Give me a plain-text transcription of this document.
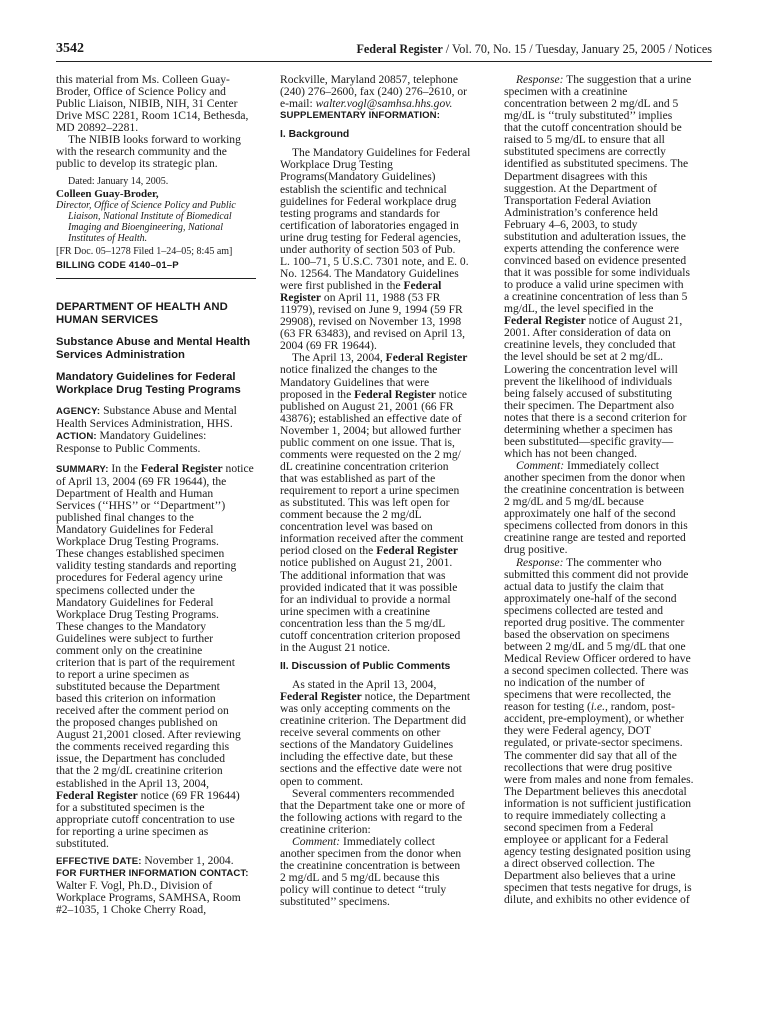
3542	Federal Register / Vol. 70, No. 15 / Tuesday, January 25, 2005 / Notices
this material from Ms. Colleen Guay-
Broder, Office of Science Policy and
Public Liaison, NIBIB, NIH, 31 Center
Drive MSC 2281, Room 1C14, Bethesda,
MD 20892–2281.
The NIBIB looks forward to working
with the research community and the
public to develop its strategic plan.
Dated: January 14, 2005.
Colleen Guay-Broder,
Director, Office of Science Policy and Public
Liaison, National Institute of Biomedical
Imaging and Bioengineering, National
Institutes of Health.
[FR Doc. 05–1278 Filed 1–24–05; 8:45 am]
BILLING CODE 4140–01–P
DEPARTMENT OF HEALTH AND
HUMAN SERVICES
Substance Abuse and Mental Health
Services Administration
Mandatory Guidelines for Federal
Workplace Drug Testing Programs
AGENCY: Substance Abuse and Mental
Health Services Administration, HHS.
ACTION: Mandatory Guidelines:
Response to Public Comments.
SUMMARY: In the Federal Register notice
of April 13, 2004 (69 FR 19644), the
Department of Health and Human
Services (‘‘HHS’’ or ‘‘Department’’)
published final changes to the
Mandatory Guidelines for Federal
Workplace Drug Testing Programs.
These changes established specimen
validity testing standards and reporting
procedures for Federal agency urine
specimens collected under the
Mandatory Guidelines for Federal
Workplace Drug Testing Programs.
These changes to the Mandatory
Guidelines were subject to further
comment only on the creatinine
criterion that is part of the requirement
to report a urine specimen as
substituted because the Department
based this criterion on information
received after the comment period on
the proposed changes published on
August 21,2001 closed. After reviewing
the comments received regarding this
issue, the Department has concluded
that the 2 mg/dL creatinine criterion
established in the April 13, 2004,
Federal Register notice (69 FR 19644)
for a substituted specimen is the
appropriate cutoff concentration to use
for reporting a urine specimen as
substituted.
EFFECTIVE DATE: November 1, 2004.
FOR FURTHER INFORMATION CONTACT:
Walter F. Vogl, Ph.D., Division of
Workplace Programs, SAMHSA, Room
#2–1035, 1 Choke Cherry Road,
Rockville, Maryland 20857, telephone
(240) 276–2600, fax (240) 276–2610, or
e-mail: walter.vogl@samhsa.hhs.gov.
SUPPLEMENTARY INFORMATION:
I. Background
The Mandatory Guidelines for Federal
Workplace Drug Testing
Programs(Mandatory Guidelines)
establish the scientific and technical
guidelines for Federal workplace drug
testing programs and standards for
certification of laboratories engaged in
urine drug testing for Federal agencies,
under authority of section 503 of Pub.
L. 100–71, 5 U.S.C. 7301 note, and E. 0.
No. 12564. The Mandatory Guidelines
were first published in the Federal
Register on April 11, 1988 (53 FR
11979), revised on June 9, 1994 (59 FR
29908), revised on November 13, 1998
(63 FR 63483), and revised on April 13,
2004 (69 FR 19644).
The April 13, 2004, Federal Register
notice finalized the changes to the
Mandatory Guidelines that were
proposed in the Federal Register notice
published on August 21, 2001 (66 FR
43876); established an effective date of
November 1, 2004; but allowed further
public comment on one issue. That is,
comments were requested on the 2 mg/
dL creatinine concentration criterion
that was established as part of the
requirement to report a urine specimen
as substituted. This was left open for
comment because the 2 mg/dL
concentration level was based on
information received after the comment
period closed on the Federal Register
notice published on August 21, 2001.
The additional information that was
provided indicated that it was possible
for an individual to provide a normal
urine specimen with a creatinine
concentration less than the 5 mg/dL
cutoff concentration criterion proposed
in the August 21 notice.
II. Discussion of Public Comments
As stated in the April 13, 2004,
Federal Register notice, the Department
was only accepting comments on the
creatinine criterion. The Department did
receive several comments on other
sections of the Mandatory Guidelines
including the effective date, but these
sections and the effective date were not
open to comment.
Several commenters recommended
that the Department take one or more of
the following actions with regard to the
creatinine criterion:
Comment: Immediately collect
another specimen from the donor when
the creatinine concentration is between
2 mg/dL and 5 mg/dL because this
policy will continue to detect ‘‘truly
substituted’’ specimens.
Response: The suggestion that a urine
specimen with a creatinine
concentration between 2 mg/dL and 5
mg/dL is ‘‘truly substituted’’ implies
that the cutoff concentration should be
raised to 5 mg/dL to ensure that all
substituted specimens are correctly
identified as substituted specimens. The
Department disagrees with this
suggestion. At the Department of
Transportation Federal Aviation
Administration’s conference held
February 4–6, 2003, to study
substitution and adulteration issues, the
experts attending the conference were
convinced based on evidence presented
that it was possible for some individuals
to produce a valid urine specimen with
a creatinine concentration of less than 5
mg/dL, the level specified in the
Federal Register notice of August 21,
2001. After consideration of data on
creatinine levels, they concluded that
the level should be set at 2 mg/dL.
Lowering the concentration level will
prevent the likelihood of individuals
being falsely accused of substituting
their specimen. The Department also
notes that there is a second criterion for
determining whether a specimen has
been substituted—specific gravity—
which has not been changed.
Comment: Immediately collect
another specimen from the donor when
the creatinine concentration is between
2 mg/dL and 5 mg/dL because
approximately one half of the second
specimens collected from donors in this
creatinine range are tested and reported
drug positive.
Response: The commenter who
submitted this comment did not provide
actual data to justify the claim that
approximately one-half of the second
specimens collected are tested and
reported drug positive. The commenter
based the observation on specimens
between 2 mg/dL and 5 mg/dL that one
Medical Review Officer ordered to have
a second specimen collected. There was
no indication of the number of
specimens that were recollected, the
reason for testing (i.e., random, post-
accident, pre-employment), or whether
they were Federal agency, DOT
regulated, or private-sector specimens.
The commenter did say that all of the
recollections that were drug positive
were from males and none from females.
The Department believes this anecdotal
information is not sufficient justification
to require immediately collecting a
second specimen from a Federal
employee or applicant for a Federal
agency testing designated position using
a direct observed collection. The
Department also believes that a urine
specimen that tests negative for drugs, is
dilute, and exhibits no other evidence of
